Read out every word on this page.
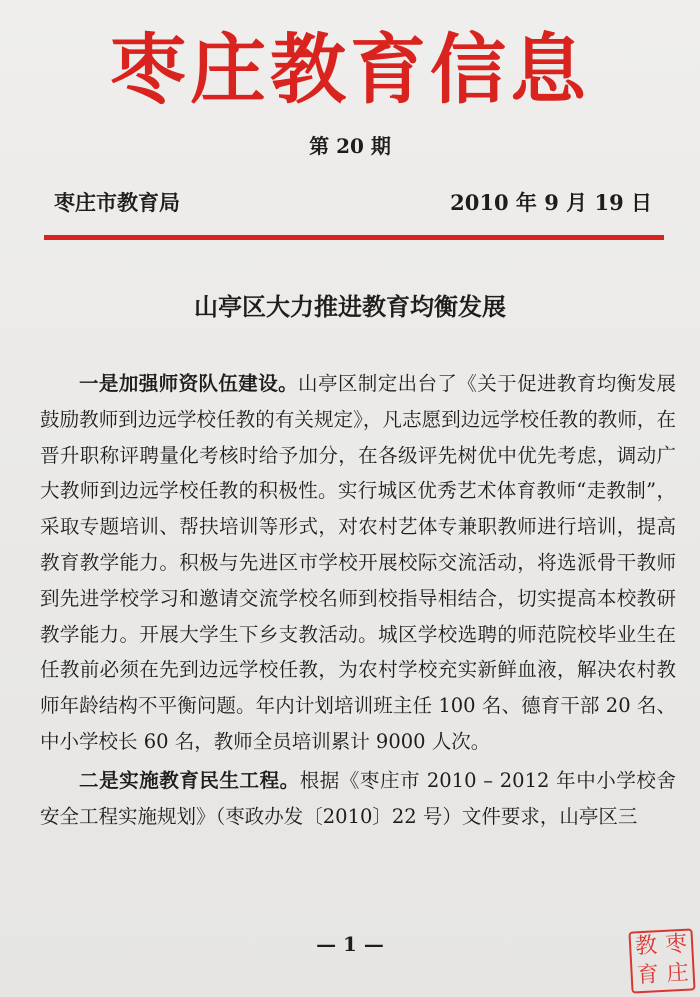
枣庄教育信息
第 20 期
枣庄市教育局	2010 年 9 月 19 日
山亭区大力推进教育均衡发展

一是加强师资队伍建设。山亭区制定出台了《关于促进教育均衡发展鼓励教师到边远学校任教的有关规定》，凡志愿到边远学校任教的教师，在晋升职称评聘量化考核时给予加分，在各级评先树优中优先考虑，调动广大教师到边远学校任教的积极性。实行城区优秀艺术体育教师“走教制”，采取专题培训、帮扶培训等形式，对农村艺体专兼职教师进行培训，提高教育教学能力。积极与先进区市学校开展校际交流活动，将选派骨干教师到先进学校学习和邀请交流学校名师到校指导相结合，切实提高本校教研教学能力。开展大学生下乡支教活动。城区学校选聘的师范院校毕业生在任教前必须在先到边远学校任教，为农村学校充实新鲜血液，解决农村教师年龄结构不平衡问题。年内计划培训班主任 100 名、德育干部 20 名、中小学校长 60 名，教师全员培训累计 9000 人次。

二是实施教育民生工程。根据《枣庄市 2010 – 2012 年中小学校舍安全工程实施规划》（枣政办发〔2010〕22 号）文件要求，山亭区三

— 1 —	教 枣
育 庄
